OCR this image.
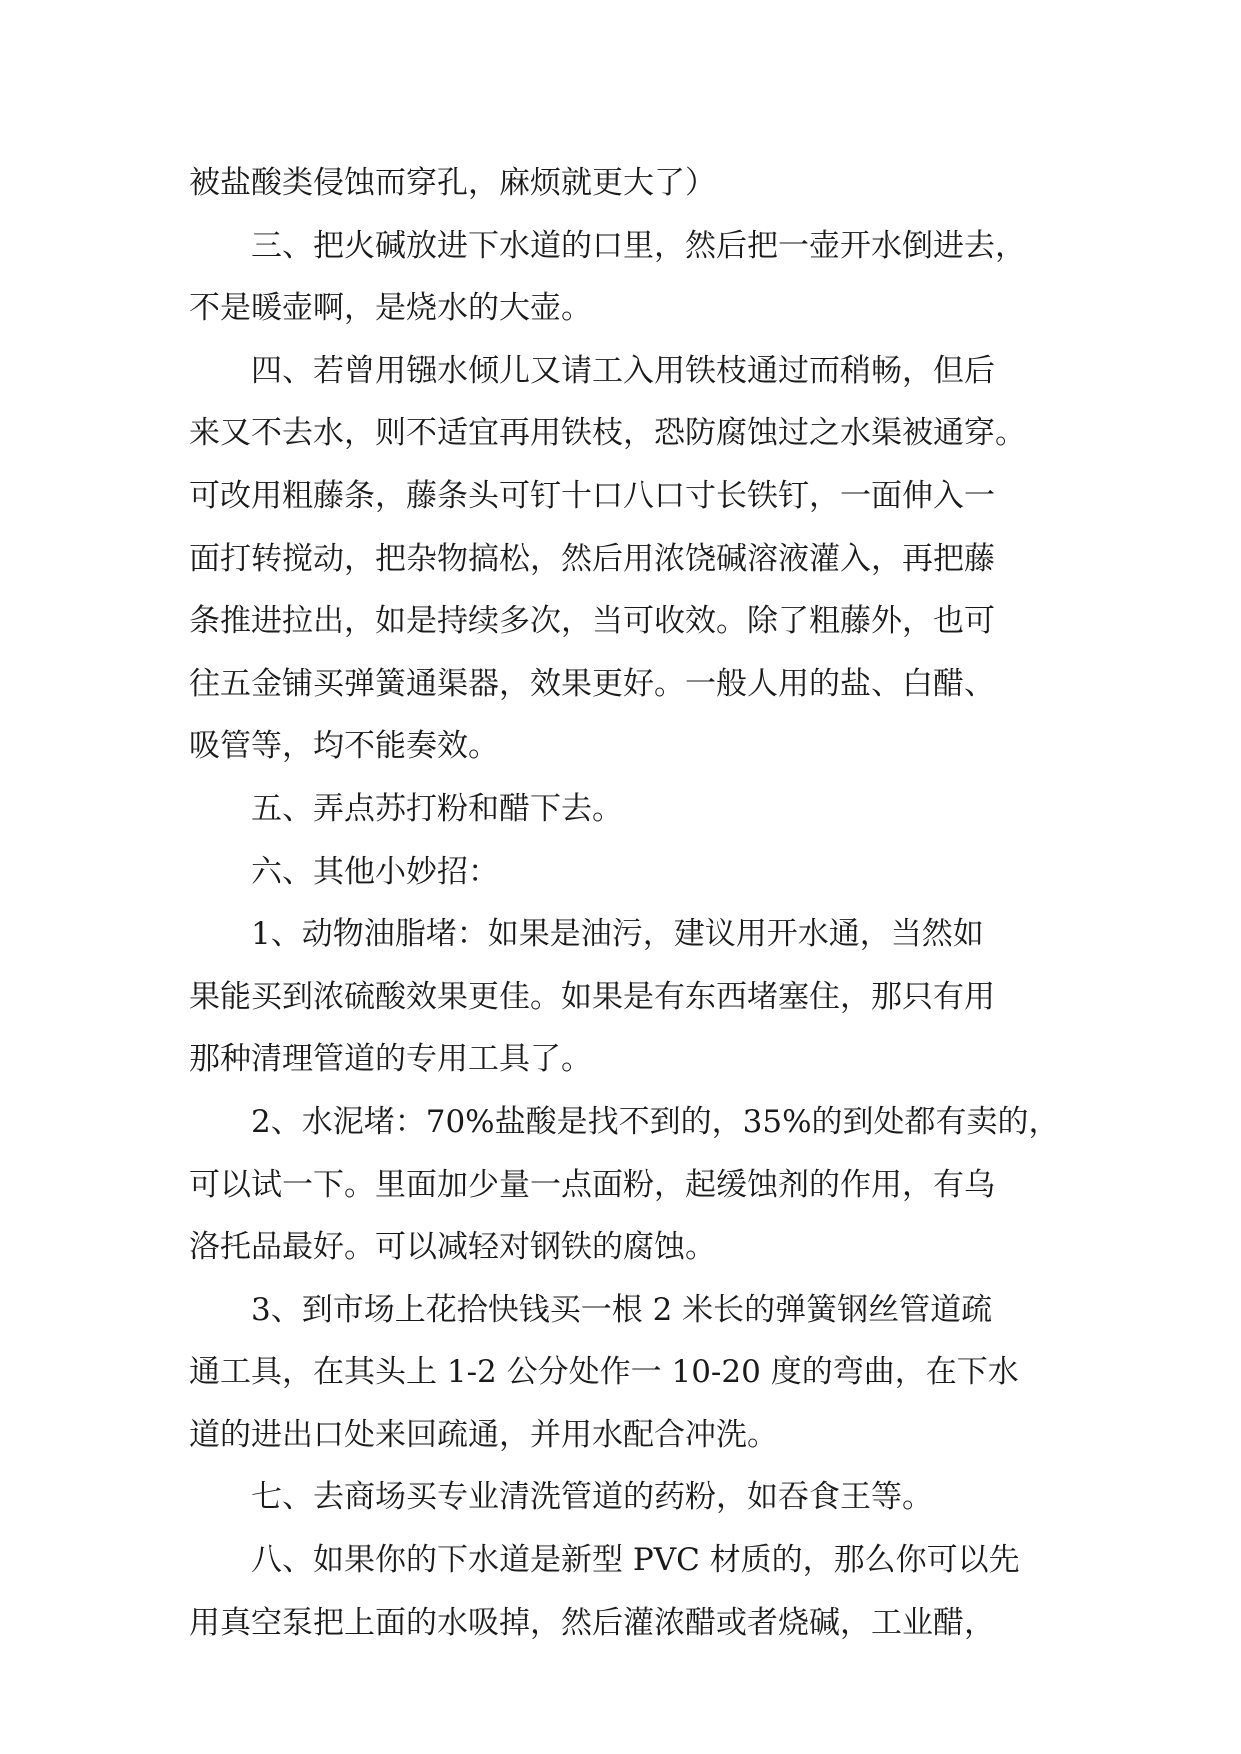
被盐酸类侵蚀而穿孔，麻烦就更大了）
三、把火碱放进下水道的口里，然后把一壶开水倒进去，
不是暖壶啊，是烧水的大壶。
四、若曾用镪水倾儿又请工入用铁枝通过而稍畅，但后
来又不去水，则不适宜再用铁枝，恐防腐蚀过之水渠被通穿。
可改用粗藤条，藤条头可钉十口八口寸长铁钉，一面伸入一
面打转搅动，把杂物搞松，然后用浓饶碱溶液灌入，再把藤
条推进拉出，如是持续多次，当可收效。除了粗藤外，也可
往五金铺买弹簧通渠器，效果更好。一般人用的盐、白醋、
吸管等，均不能奏效。
五、弄点苏打粉和醋下去。
六、其他小妙招：
1、动物油脂堵：如果是油污，建议用开水通，当然如
果能买到浓硫酸效果更佳。如果是有东西堵塞住，那只有用
那种清理管道的专用工具了。
2、水泥堵：70%盐酸是找不到的，35%的到处都有卖的，
可以试一下。里面加少量一点面粉，起缓蚀剂的作用，有乌
洛托品最好。可以减轻对钢铁的腐蚀。
3、到市场上花拾快钱买一根 2 米长的弹簧钢丝管道疏
通工具，在其头上 1-2 公分处作一 10-20 度的弯曲，在下水
道的进出口处来回疏通，并用水配合冲洗。
七、去商场买专业清洗管道的药粉，如吞食王等。
八、如果你的下水道是新型 PVC 材质的，那么你可以先
用真空泵把上面的水吸掉，然后灌浓醋或者烧碱，工业醋，
